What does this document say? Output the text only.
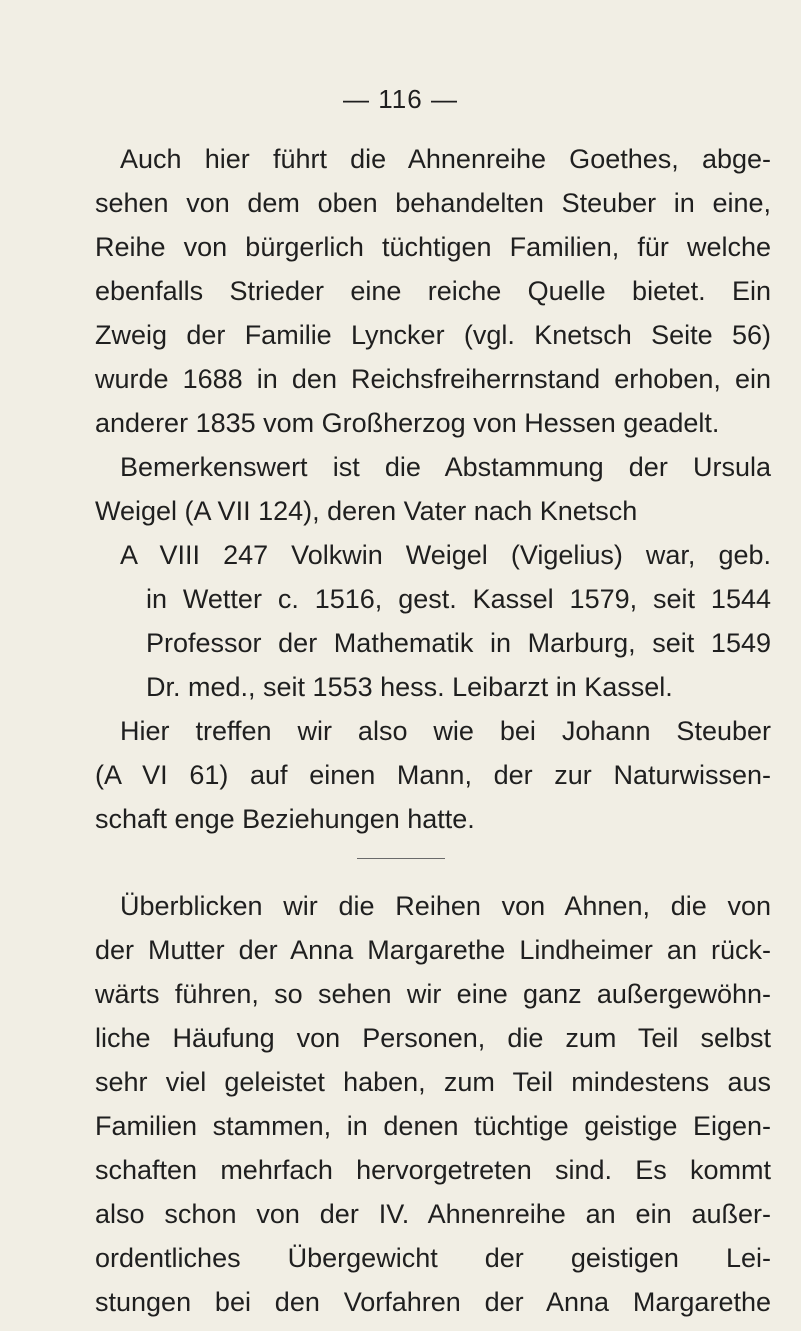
— 116 —
Auch hier führt die Ahnenreihe Goethes, abge-
sehen von dem oben behandelten Steuber in eine,
Reihe von bürgerlich tüchtigen Familien, für welche
ebenfalls Strieder eine reiche Quelle bietet. Ein
Zweig der Familie Lyncker (vgl. Knetsch Seite 56)
wurde 1688 in den Reichsfreiherrnstand erhoben, ein
anderer 1835 vom Großherzog von Hessen geadelt.
Bemerkenswert ist die Abstammung der Ursula
Weigel (A VII 124), deren Vater nach Knetsch
A VIII 247 Volkwin Weigel (Vigelius) war, geb.
in Wetter c. 1516, gest. Kassel 1579, seit 1544
Professor der Mathematik in Marburg, seit 1549
Dr. med., seit 1553 hess. Leibarzt in Kassel.
Hier treffen wir also wie bei Johann Steuber
(A VI 61) auf einen Mann, der zur Naturwissen-
schaft enge Beziehungen hatte.
Überblicken wir die Reihen von Ahnen, die von
der Mutter der Anna Margarethe Lindheimer an rück-
wärts führen, so sehen wir eine ganz außergewöhn-
liche Häufung von Personen, die zum Teil selbst
sehr viel geleistet haben, zum Teil mindestens aus
Familien stammen, in denen tüchtige geistige Eigen-
schaften mehrfach hervorgetreten sind. Es kommt
also schon von der IV. Ahnenreihe an ein außer-
ordentliches Übergewicht der geistigen Lei-
stungen bei den Vorfahren der Anna Margarethe
